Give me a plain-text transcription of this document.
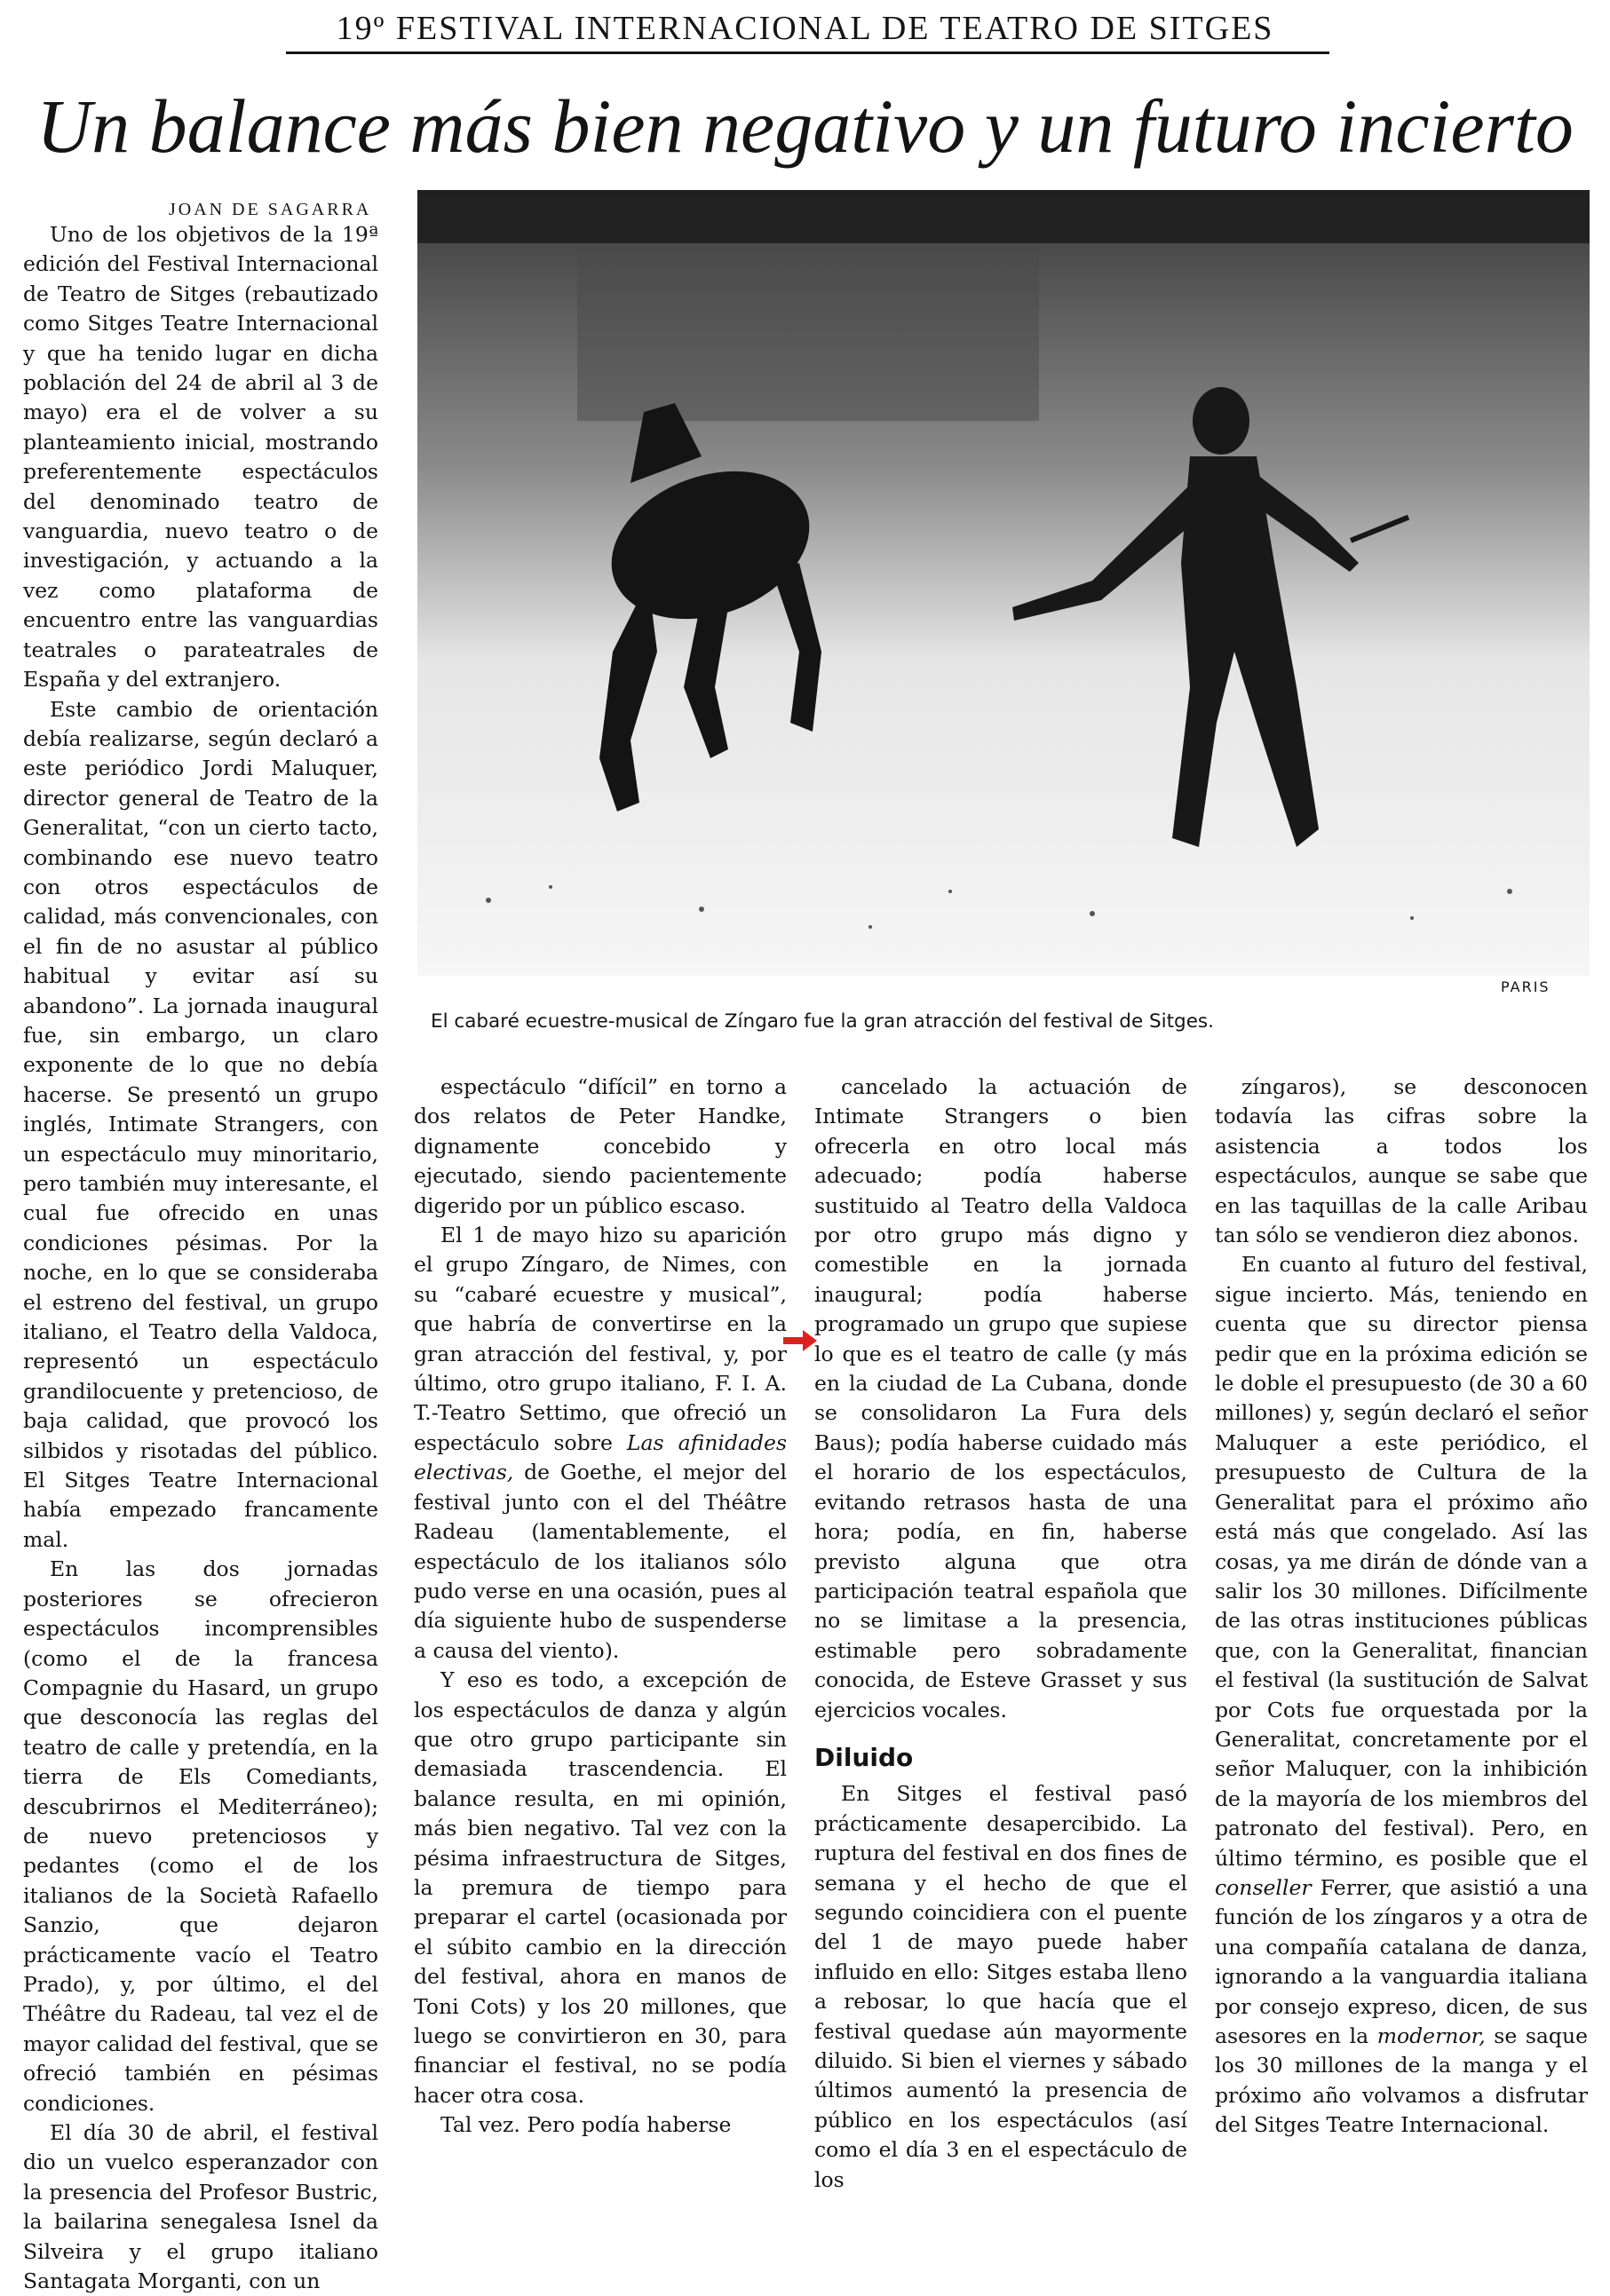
19º FESTIVAL INTERNACIONAL DE TEATRO DE SITGES
Un balance más bien negativo y un futuro incierto
JOAN DE SAGARRA

Uno de los objetivos de la 19ª edición del Festival Internacional de Teatro de Sitges (rebautizado como Sitges Teatre Internacional y que ha tenido lugar en dicha población del 24 de abril al 3 de mayo) era el de volver a su planteamiento inicial, mostrando preferentemente espectáculos del denominado teatro de vanguardia, nuevo teatro o de investigación, y actuando a la vez como plataforma de encuentro entre las vanguardias teatrales o parateatrales de España y del extranjero.

Este cambio de orientación debía realizarse, según declaró a este periódico Jordi Maluquer, director general de Teatro de la Generalitat, “con un cierto tacto, combinando ese nuevo teatro con otros espectáculos de calidad, más convencionales, con el fin de no asustar al público habitual y evitar así su abandono”. La jornada inaugural fue, sin embargo, un claro exponente de lo que no debía hacerse. Se presentó un grupo inglés, Intimate Strangers, con un espectáculo muy minoritario, pero también muy interesante, el cual fue ofrecido en unas condiciones pésimas. Por la noche, en lo que se consideraba el estreno del festival, un grupo italiano, el Teatro della Valdoca, representó un espectáculo grandilocuente y pretencioso, de baja calidad, que provocó los silbidos y risotadas del público. El Sitges Teatre Internacional había empezado francamente mal.

En las dos jornadas posteriores se ofrecieron espectáculos incomprensibles (como el de la francesa Compagnie du Hasard, un grupo que desconocía las reglas del teatro de calle y pretendía, en la tierra de Els Comediants, descubrirnos el Mediterráneo); de nuevo pretenciosos y pedantes (como el de los italianos de la Società Rafaello Sanzio, que dejaron prácticamente vacío el Teatro Prado), y, por último, el del Théâtre du Radeau, tal vez el de mayor calidad del festival, que se ofreció también en pésimas condiciones.

El día 30 de abril, el festival dio un vuelco esperanzador con la presencia del Profesor Bustric, la bailarina senegalesa Isnel da Silveira y el grupo italiano Santagata Morganti, con un

PARIS
El cabaré ecuestre-musical de Zíngaro fue la gran atracción del festival de Sitges.

espectáculo “difícil” en torno a dos relatos de Peter Handke, dignamente concebido y ejecutado, siendo pacientemente digerido por un público escaso.

El 1 de mayo hizo su aparición el grupo Zíngaro, de Nimes, con su “cabaré ecuestre y musical”, que habría de convertirse en la gran atracción del festival, y, por último, otro grupo italiano, F. I. A. T.-Teatro Settimo, que ofreció un espectáculo sobre Las afinidades electivas, de Goethe, el mejor del festival junto con el del Théâtre Radeau (lamentablemente, el espectáculo de los italianos sólo pudo verse en una ocasión, pues al día siguiente hubo de suspenderse a causa del viento).

Y eso es todo, a excepción de los espectáculos de danza y algún que otro grupo participante sin demasiada trascendencia. El balance resulta, en mi opinión, más bien negativo. Tal vez con la pésima infraestructura de Sitges, la premura de tiempo para preparar el cartel (ocasionada por el súbito cambio en la dirección del festival, ahora en manos de Toni Cots) y los 20 millones, que luego se convirtieron en 30, para financiar el festival, no se podía hacer otra cosa.

Tal vez. Pero podía haberse

cancelado la actuación de Intimate Strangers o bien ofrecerla en otro local más adecuado; podía haberse sustituido al Teatro della Valdoca por otro grupo más digno y comestible en la jornada inaugural; podía haberse programado un grupo que supiese lo que es el teatro de calle (y más en la ciudad de La Cubana, donde se consolidaron La Fura dels Baus); podía haberse cuidado más el horario de los espectáculos, evitando retrasos hasta de una hora; podía, en fin, haberse previsto alguna que otra participación teatral española que no se limitase a la presencia, estimable pero sobradamente conocida, de Esteve Grasset y sus ejercicios vocales.

Diluido

En Sitges el festival pasó prácticamente desapercibido. La ruptura del festival en dos fines de semana y el hecho de que el segundo coincidiera con el puente del 1 de mayo puede haber influido en ello: Sitges estaba lleno a rebosar, lo que hacía que el festival quedase aún mayormente diluido. Si bien el viernes y sábado últimos aumentó la presencia de público en los espectáculos (así como el día 3 en el espectáculo de los

zíngaros), se desconocen todavía las cifras sobre la asistencia a todos los espectáculos, aunque se sabe que en las taquillas de la calle Aribau tan sólo se vendieron diez abonos.

En cuanto al futuro del festival, sigue incierto. Más, teniendo en cuenta que su director piensa pedir que en la próxima edición se le doble el presupuesto (de 30 a 60 millones) y, según declaró el señor Maluquer a este periódico, el presupuesto de Cultura de la Generalitat para el próximo año está más que congelado. Así las cosas, ya me dirán de dónde van a salir los 30 millones. Difícilmente de las otras instituciones públicas que, con la Generalitat, financian el festival (la sustitución de Salvat por Cots fue orquestada por la Generalitat, concretamente por el señor Maluquer, con la inhibición de la mayoría de los miembros del patronato del festival). Pero, en último término, es posible que el conseller Ferrer, que asistió a una función de los zíngaros y a otra de una compañía catalana de danza, ignorando a la vanguardia italiana por consejo expreso, dicen, de sus asesores en la modernor, se saque los 30 millones de la manga y el próximo año volvamos a disfrutar del Sitges Teatre Internacional.
